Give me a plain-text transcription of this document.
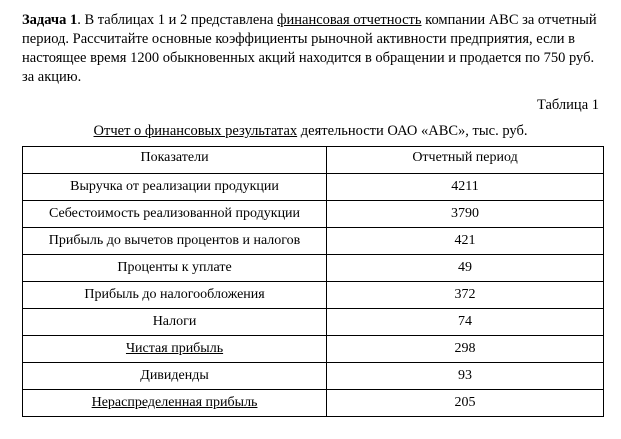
Задача 1. В таблицах 1 и 2 представлена финансовая отчетность компании АВС за отчетный период. Рассчитайте основные коэффициенты рыночной активности предприятия, если в настоящее время 1200 обыкновенных акций находится в обращении и продается по 750 руб. за акцию.

Таблица 1
Отчет о финансовых результатах деятельности ОАО «АВС», тыс. руб.
Показатели	Отчетный период
Выручка от реализации продукции	4211
Себестоимость реализованной продукции	3790
Прибыль до вычетов процентов и налогов	421
Проценты к уплате	49
Прибыль до налогообложения	372
Налоги	74
Чистая прибыль	298
Дивиденды	93
Нераспределенная прибыль	205
